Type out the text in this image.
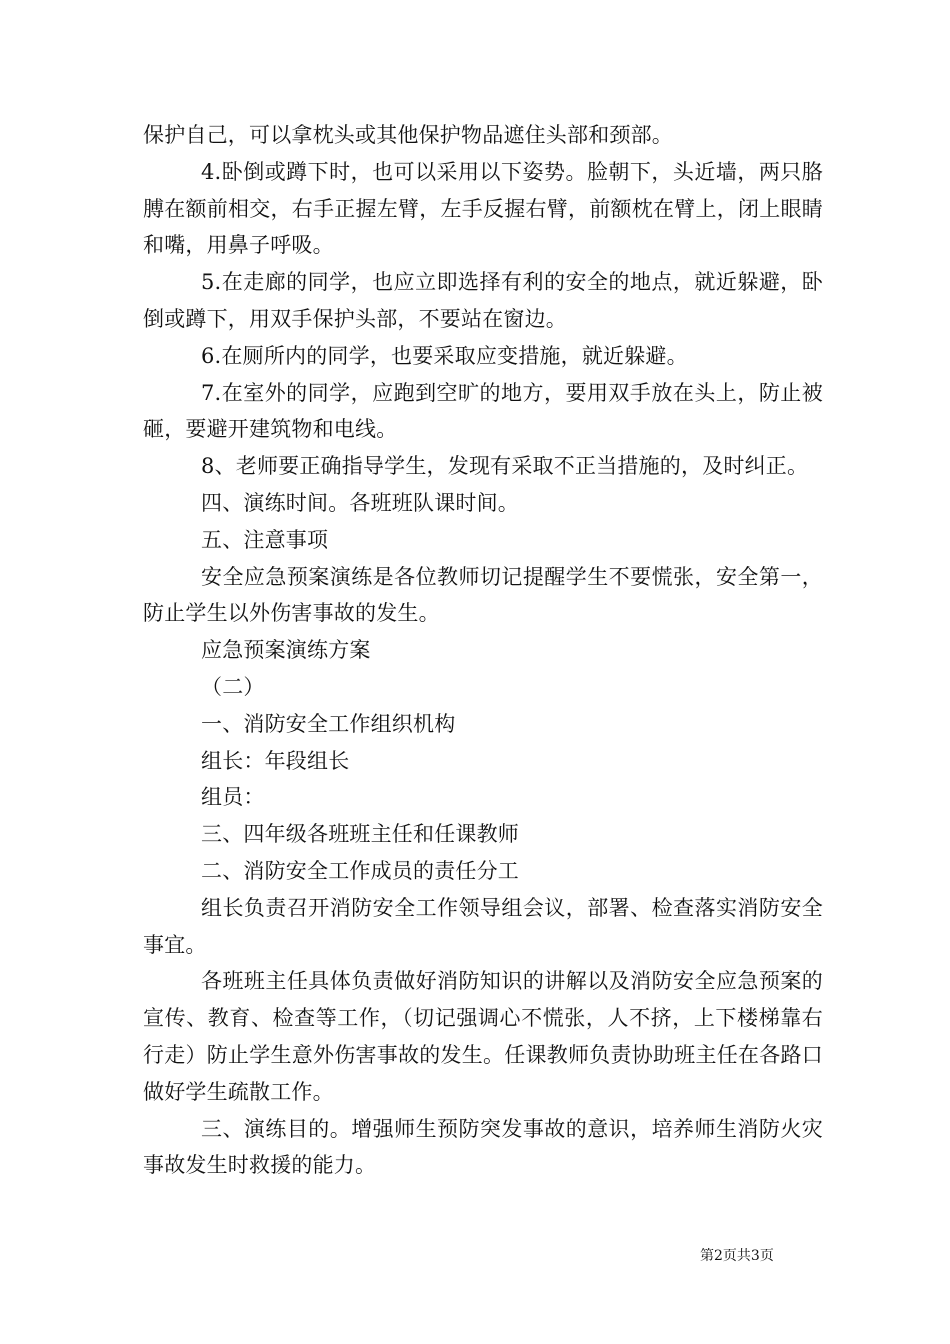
保护自己，可以拿枕头或其他保护物品遮住头部和颈部。

4.卧倒或蹲下时，也可以采用以下姿势。脸朝下，头近墙，两只胳膊在额前相交，右手正握左臂，左手反握右臂，前额枕在臂上，闭上眼睛和嘴，用鼻子呼吸。

5.在走廊的同学，也应立即选择有利的安全的地点，就近躲避，卧倒或蹲下，用双手保护头部，不要站在窗边。

6.在厕所内的同学，也要采取应变措施，就近躲避。

7.在室外的同学，应跑到空旷的地方，要用双手放在头上，防止被砸，要避开建筑物和电线。

8、老师要正确指导学生，发现有采取不正当措施的，及时纠正。

四、演练时间。各班班队课时间。

五、注意事项

安全应急预案演练是各位教师切记提醒学生不要慌张，安全第一，防止学生以外伤害事故的发生。

应急预案演练方案

（二）

一、消防安全工作组织机构

组长：年段组长

组员：

三、四年级各班班主任和任课教师

二、消防安全工作成员的责任分工

组长负责召开消防安全工作领导组会议，部署、检查落实消防安全事宜。

各班班主任具体负责做好消防知识的讲解以及消防安全应急预案的宣传、教育、检查等工作，（切记强调心不慌张，人不挤，上下楼梯靠右行走）防止学生意外伤害事故的发生。任课教师负责协助班主任在各路口做好学生疏散工作。

三、演练目的。增强师生预防突发事故的意识，培养师生消防火灾事故发生时救援的能力。

第2页共3页
